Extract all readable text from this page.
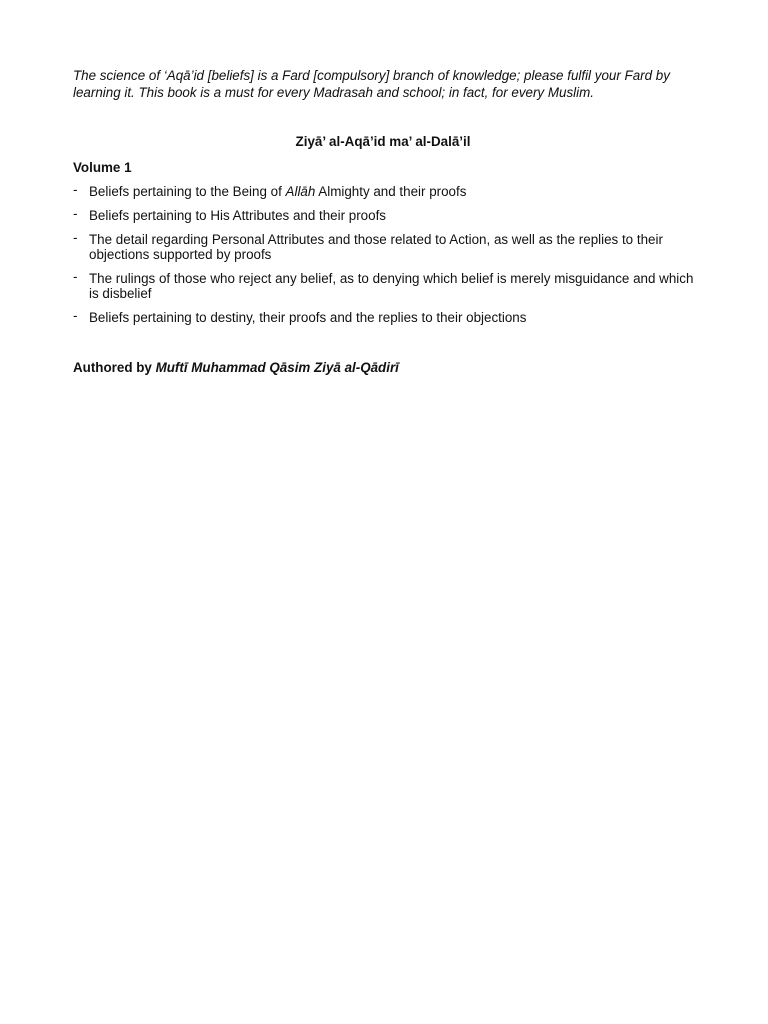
The science of ‘Aqā’id [beliefs] is a Fard [compulsory] branch of knowledge; please fulfil your Fard by learning it. This book is a must for every Madrasah and school; in fact, for every Muslim.

Ziyā’ al-Aqā’id ma’ al-Dalā’il

Volume 1

- Beliefs pertaining to the Being of Allāh Almighty and their proofs
- Beliefs pertaining to His Attributes and their proofs
- The detail regarding Personal Attributes and those related to Action, as well as the replies to their objections supported by proofs
- The rulings of those who reject any belief, as to denying which belief is merely misguidance and which is disbelief
- Beliefs pertaining to destiny, their proofs and the replies to their objections

Authored by Muftī Muhammad Qāsim Ziyā al-Qādirī
